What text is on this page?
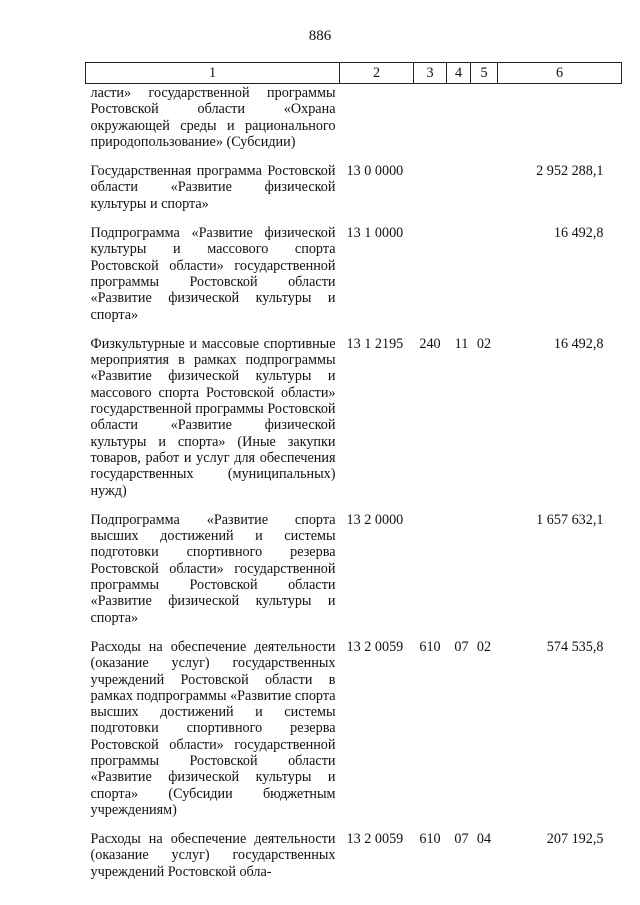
886
1	2	3	4	5	6
ласти» государственной программы Ростовской области «Охрана окружающей среды и рационального природопользование» (Субсидии)					
Государственная программа Ростовской области «Развитие физической культуры и спорта»	13 0 0000				2 952 288,1
Подпрограмма «Развитие физической культуры и массового спорта Ростовской области» государственной программы Ростовской области «Развитие физической культуры и спорта»	13 1 0000				16 492,8
Физкультурные и массовые спортивные мероприятия в рамках подпрограммы «Развитие физической культуры и массового спорта Ростовской области» государственной программы Ростовской области «Развитие физической культуры и спорта» (Иные закупки товаров, работ и услуг для обеспечения государственных (муниципальных) нужд)	13 1 2195	240	11	02	16 492,8
Подпрограмма «Развитие спорта высших достижений и системы подготовки спортивного резерва Ростовской области» государственной программы Ростовской области «Развитие физической культуры и спорта»	13 2 0000				1 657 632,1
Расходы на обеспечение деятельности (оказание услуг) государственных учреждений Ростовской области в рамках подпрограммы «Развитие спорта высших достижений и системы подготовки спортивного резерва Ростовской области» государственной программы Ростовской области «Развитие физической культуры и спорта» (Субсидии бюджетным учреждениям)	13 2 0059	610	07	02	574 535,8
Расходы на обеспечение деятельности (оказание услуг) государственных учреждений Ростовской обла-	13 2 0059	610	07	04	207 192,5
